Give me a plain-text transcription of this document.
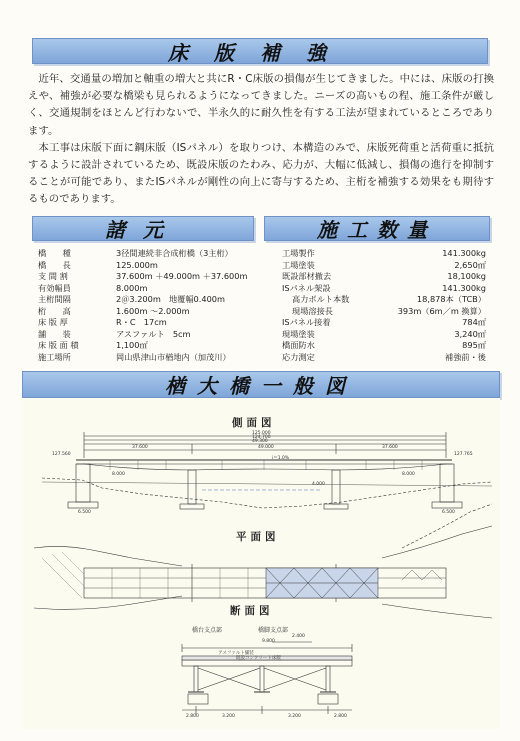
床版補強

近年、交通量の増加と軸重の増大と共にR・C床版の損傷が生じてきました。中には、床版の打換えや、補強が必要な橋梁も見られるようになってきました。ニーズの高いもの程、施工条件が厳しく、交通規制をほとんど行わないで、半永久的に耐久性を有する工法が望まれているところであります。

本工事は床版下面に鋼床版（ISパネル）を取りつけ、本構造のみで、床版死荷重と活荷重に抵抗するように設計されているため、既設床版のたわみ、応力が、大幅に低減し、損傷の進行を抑制することが可能であり、またISパネルが剛性の向上に寄与するため、主桁を補強する効果をも期待するものであります。

諸元	施工数量
橋　　種	3径間連続非合成桁橋（3主桁）
橋　　長	125.000m
支 間 割	37.600m ＋49.000m ＋37.600m
有効幅員	8.000m
主桁間隔	2＠3.200m　地覆幅0.400m
桁　　高	1.600m 〜2.000m
床 版 厚	R・C　17cm
舗　　装	アスファルト　5cm
床 版 面 積	1,100㎡
施工場所	岡山県津山市楢地内（加茂川）
工場製作	141.300kg
工場塗装	2,650㎡
既設部材撤去	18,100kg
ISパネル架設	141.300kg
高力ボルト本数	18,878本（TCB）
現場溶接長	393m（6m／m 換算）
ISパネル接着	784㎡
現場塗装	3,240㎡
橋面防水	895㎡
応力測定	補強前・後
楢大橋一般図
側面図
平面図
断面図
125.000
124.700
49.300
37.600	49.000	37.600
127.560	127.765
i＝1.0%
8.000	8.000
4.000
6.500	6.500
9.800
2.400
2.800	3.200	3.200	2.800
橋台支点部	橋脚支点部
アスファルト舗装
既設コンクリート床版
